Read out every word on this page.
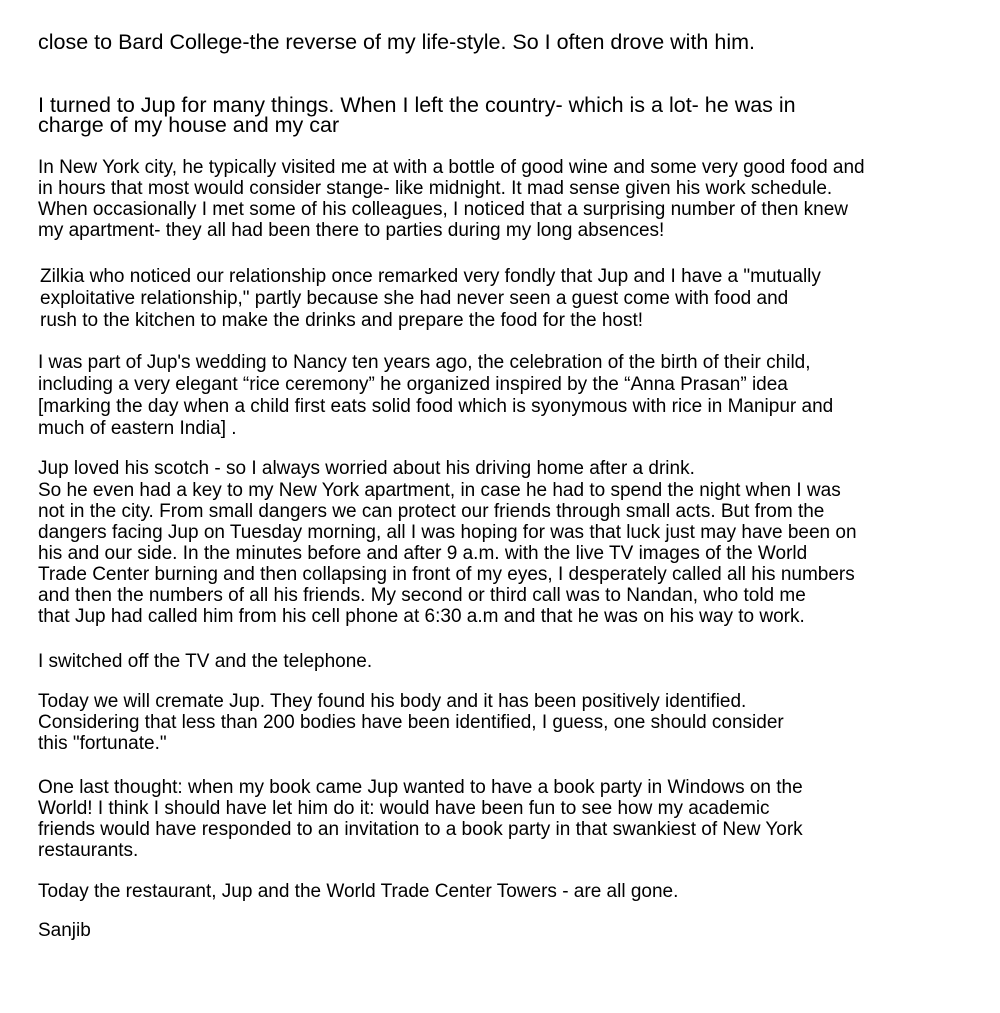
close to Bard College-the reverse of my life-style. So I often drove with him.

I turned to Jup for many things. When I left the country- which is a lot- he was in

charge of my house and my car

In New York city, he typically visited me at with a bottle of good wine and some very good food and

in hours that most would consider stange- like midnight. It mad sense given his work schedule.

When occasionally I met some of his colleagues, I noticed that a surprising number of then knew

my apartment- they all had been there to parties during my long absences!

Zilkia who noticed our relationship once remarked very fondly that Jup and I have a "mutually

exploitative relationship," partly because she had never seen a guest come with food and

rush to the kitchen to make the drinks and prepare the food for the host!

I was part of Jup's wedding to Nancy ten years ago, the celebration of the birth of their child,

including a very elegant “rice ceremony” he organized inspired by the “Anna Prasan” idea

[marking the day when a child first eats solid food which is syonymous with rice in Manipur and

much of eastern India] .

Jup loved his scotch - so I always worried about his driving home after a drink.

So he even had a key to my New York apartment, in case he had to spend the night when I was

not in the city. From small dangers we can protect our friends through small acts. But from the

dangers facing Jup on Tuesday morning, all I was hoping for was that luck just may have been on

his and our side. In the minutes before and after 9 a.m. with the live TV images of the World

Trade Center burning and then collapsing in front of my eyes, I desperately called all his numbers

and then the numbers of all his friends. My second or third call was to Nandan, who told me

that Jup had called him from his cell phone at 6:30 a.m and that he was on his way to work.

I switched off the TV and the telephone.

Today we will cremate Jup. They found his body and it has been positively identified.

Considering that less than 200 bodies have been identified, I guess, one should consider

this "fortunate."

One last thought: when my book came Jup wanted to have a book party in Windows on the

World! I think I should have let him do it: would have been fun to see how my academic

friends would have responded to an invitation to a book party in that swankiest of New York

restaurants.

Today the restaurant, Jup and the World Trade Center Towers - are all gone.

Sanjib
